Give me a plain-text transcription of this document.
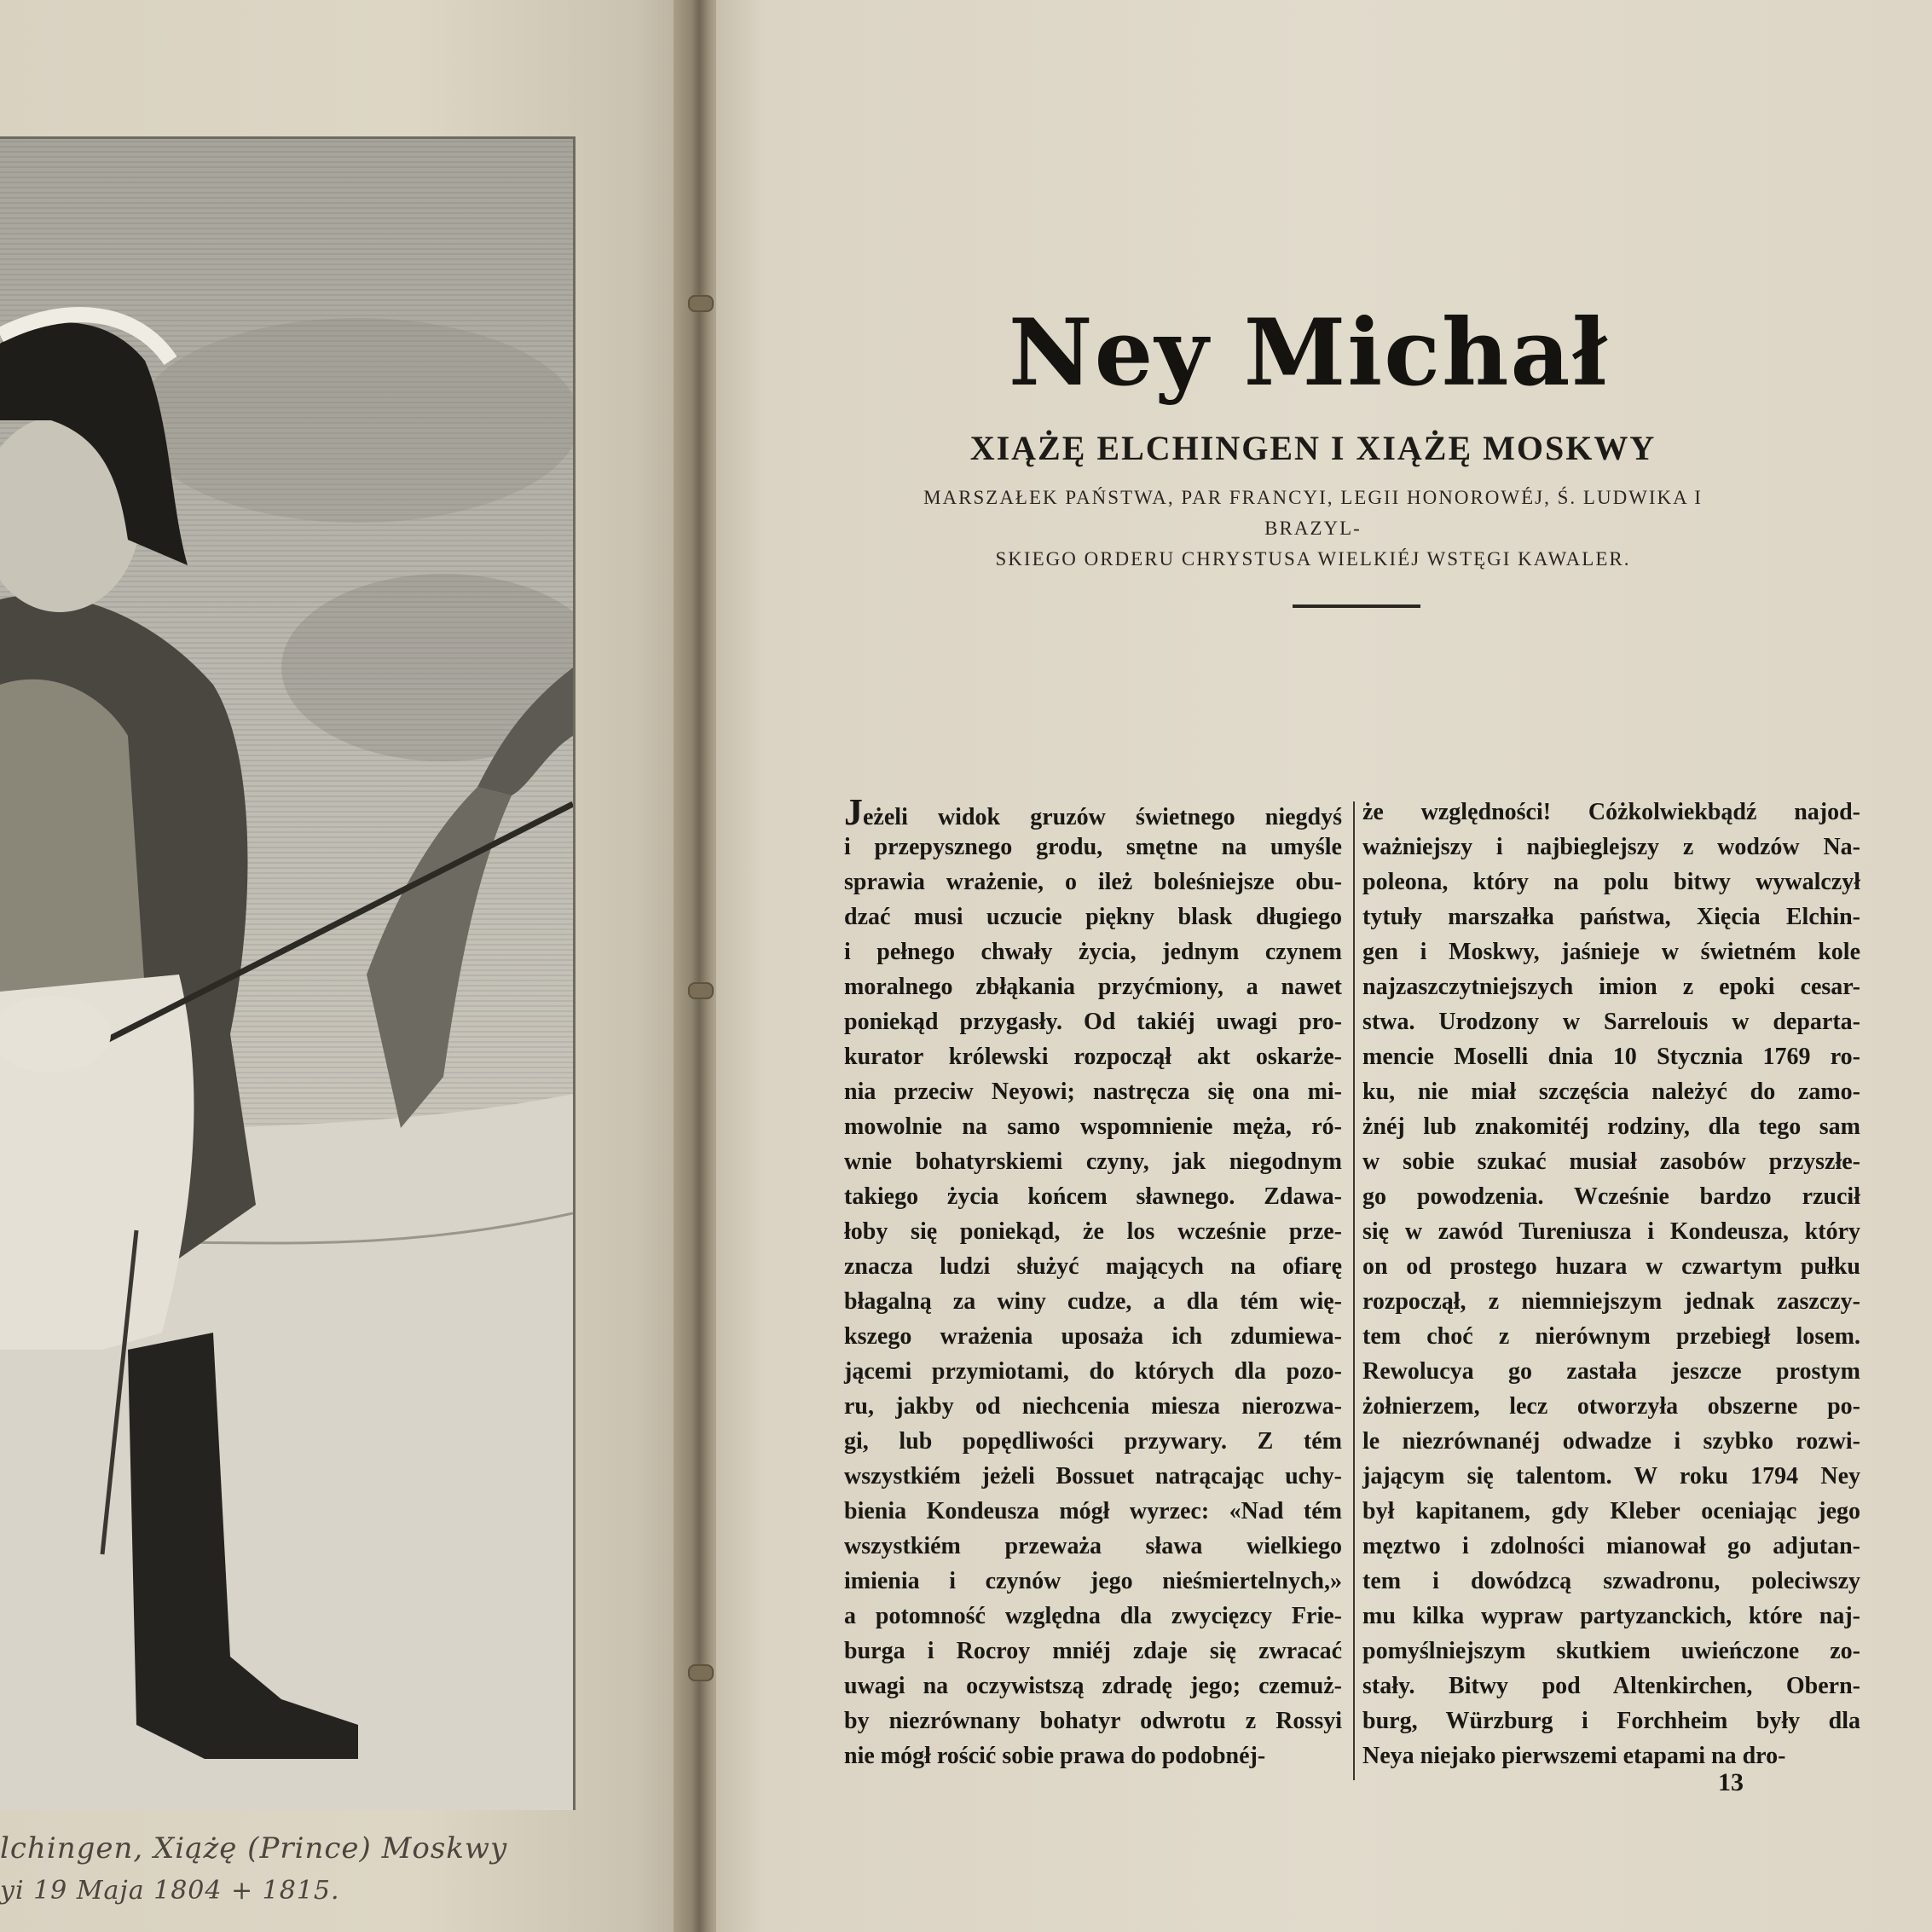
lchingen, Xiążę (Prince) Moskwy
yi 19 Maja 1804 + 1815.
Ney Michał
XIĄŻĘ ELCHINGEN I XIĄŻĘ MOSKWY
MARSZAŁEK PAŃSTWA, PAR FRANCYI, LEGII HONOROWÉJ, Ś. LUDWIKA I BRAZYL-
SKIEGO ORDERU CHRYSTUSA WIELKIÉJ WSTĘGI KAWALER.
Jeżeli widok gruzów świetnego niegdyś
i przepysznego grodu, smętne na umyśle
sprawia wrażenie, o ileż boleśniejsze obu-
dzać musi uczucie piękny blask długiego
i pełnego chwały życia, jednym czynem
moralnego zbłąkania przyćmiony, a nawet
poniekąd przygasły. Od takiéj uwagi pro-
kurator królewski rozpoczął akt oskarże-
nia przeciw Neyowi; nastręcza się ona mi-
mowolnie na samo wspomnienie męża, ró-
wnie bohatyrskiemi czyny, jak niegodnym
takiego życia końcem sławnego. Zdawa-
łoby się poniekąd, że los wcześnie prze-
znacza ludzi służyć mających na ofiarę
błagalną za winy cudze, a dla tém wię-
kszego wrażenia uposaża ich zdumiewa-
jącemi przymiotami, do których dla pozo-
ru, jakby od niechcenia miesza nierozwa-
gi, lub popędliwości przywary. Z tém
wszystkiém jeżeli Bossuet natrącając uchy-
bienia Kondeusza mógł wyrzec: «Nad tém
wszystkiém przeważa sława wielkiego
imienia i czynów jego nieśmiertelnych,»
a potomność względna dla zwycięzcy Frie-
burga i Rocroy mniéj zdaje się zwracać
uwagi na oczywistszą zdradę jego; czemuż-
by niezrównany bohatyr odwrotu z Rossyi
nie mógł rościć sobie prawa do podobnéj-
że względności! Cóżkolwiekbądź najod-
ważniejszy i najbieglejszy z wodzów Na-
poleona, który na polu bitwy wywalczył
tytuły marszałka państwa, Xięcia Elchin-
gen i Moskwy, jaśnieje w świetném kole
najzaszczytniejszych imion z epoki cesar-
stwa. Urodzony w Sarrelouis w departa-
mencie Moselli dnia 10 Stycznia 1769 ro-
ku, nie miał szczęścia należyć do zamo-
żnéj lub znakomitéj rodziny, dla tego sam
w sobie szukać musiał zasobów przyszłe-
go powodzenia. Wcześnie bardzo rzucił
się w zawód Tureniusza i Kondeusza, który
on od prostego huzara w czwartym pułku
rozpoczął, z niemniejszym jednak zaszczy-
tem choć z nierównym przebiegł losem.
Rewolucya go zastała jeszcze prostym
żołnierzem, lecz otworzyła obszerne po-
le niezrównanéj odwadze i szybko rozwi-
jającym się talentom. W roku 1794 Ney
był kapitanem, gdy Kleber oceniając jego
męztwo i zdolności mianował go adjutan-
tem i dowódzcą szwadronu, poleciwszy
mu kilka wypraw partyzanckich, które naj-
pomyślniejszym skutkiem uwieńczone zo-
stały. Bitwy pod Altenkirchen, Obern-
burg, Würzburg i Forchheim były dla
Neya niejako pierwszemi etapami na dro-
13
